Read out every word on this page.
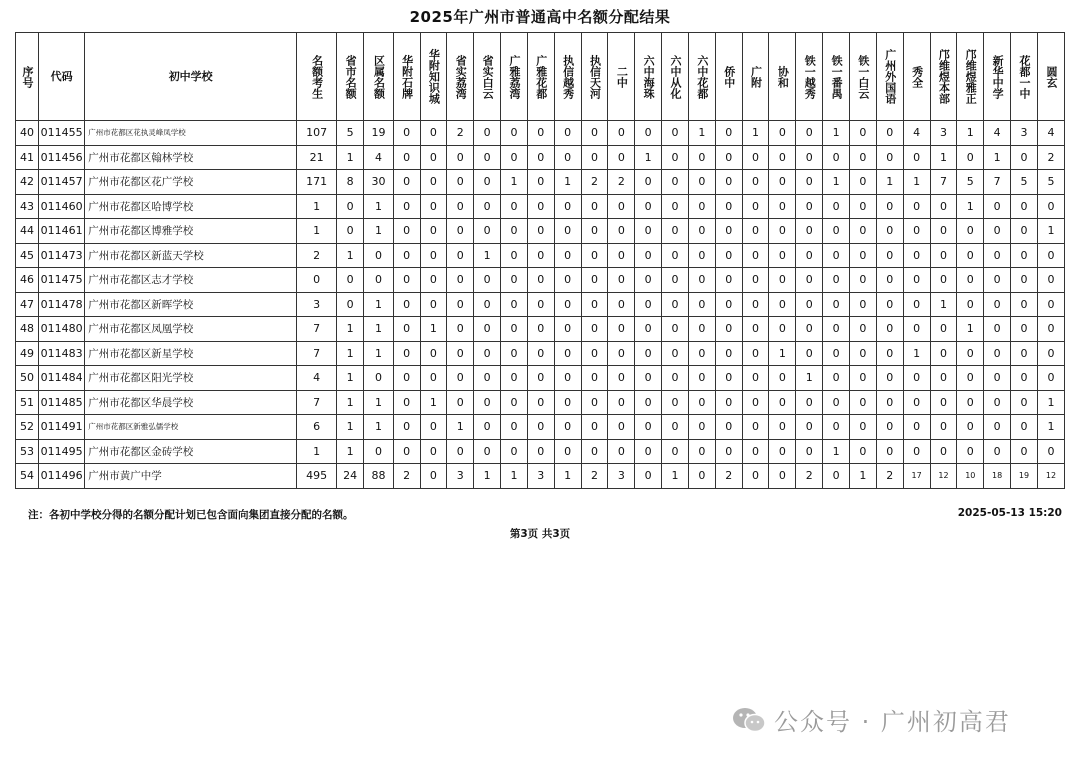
2025年广州市普通高中名额分配结果
序号	代码	初中学校	名额考生	省市名额	区属名额	华附石牌	华附知识城	省实荔湾	省实白云	广雅荔湾	广雅花都	执信越秀	执信天河	二中	六中海珠	六中从化	六中花都	侨中	广附	协和	铁一越秀	铁一番禺	铁一白云	广州外国语	秀全	邝维煜本部	邝维煜雅正	新华中学	花都一中	圆玄
40	011455	广州市花都区花执灵峰凤学校	107	5	19	0	0	2	0	0	0	0	0	0	0	0	1	0	1	0	0	1	0	0	4	3	1	4	3	4
41	011456	广州市花都区翰林学校	21	1	4	0	0	0	0	0	0	0	0	0	1	0	0	0	0	0	0	0	0	0	0	1	0	1	0	2
42	011457	广州市花都区花广学校	171	8	30	0	0	0	0	1	0	1	2	2	0	0	0	0	0	0	0	1	0	1	1	7	5	7	5	5
43	011460	广州市花都区哈博学校	1	0	1	0	0	0	0	0	0	0	0	0	0	0	0	0	0	0	0	0	0	0	0	0	1	0	0	0
44	011461	广州市花都区博雅学校	1	0	1	0	0	0	0	0	0	0	0	0	0	0	0	0	0	0	0	0	0	0	0	0	0	0	0	1
45	011473	广州市花都区新蓝天学校	2	1	0	0	0	0	1	0	0	0	0	0	0	0	0	0	0	0	0	0	0	0	0	0	0	0	0	0
46	011475	广州市花都区志才学校	0	0	0	0	0	0	0	0	0	0	0	0	0	0	0	0	0	0	0	0	0	0	0	0	0	0	0	0
47	011478	广州市花都区新晖学校	3	0	1	0	0	0	0	0	0	0	0	0	0	0	0	0	0	0	0	0	0	0	0	1	0	0	0	0
48	011480	广州市花都区凤凰学校	7	1	1	0	1	0	0	0	0	0	0	0	0	0	0	0	0	0	0	0	0	0	0	0	1	0	0	0
49	011483	广州市花都区新星学校	7	1	1	0	0	0	0	0	0	0	0	0	0	0	0	0	0	1	0	0	0	0	1	0	0	0	0	0
50	011484	广州市花都区阳光学校	4	1	0	0	0	0	0	0	0	0	0	0	0	0	0	0	0	0	1	0	0	0	0	0	0	0	0	0
51	011485	广州市花都区华晨学校	7	1	1	0	1	0	0	0	0	0	0	0	0	0	0	0	0	0	0	0	0	0	0	0	0	0	0	1
52	011491	广州市花都区新雅弘儒学校	6	1	1	0	0	1	0	0	0	0	0	0	0	0	0	0	0	0	0	0	0	0	0	0	0	0	0	1
53	011495	广州市花都区金砖学校	1	1	0	0	0	0	0	0	0	0	0	0	0	0	0	0	0	0	0	1	0	0	0	0	0	0	0	0
54	011496	广州市黄广中学	495	24	88	2	0	3	1	1	3	1	2	3	0	1	0	2	0	0	2	0	1	2	17	12	10	18	19	12
注：各初中学校分得的名额分配计划已包含面向集团直接分配的名额。	2025-05-13 15:20
第3页 共3页
公众号 · 广州初高君
